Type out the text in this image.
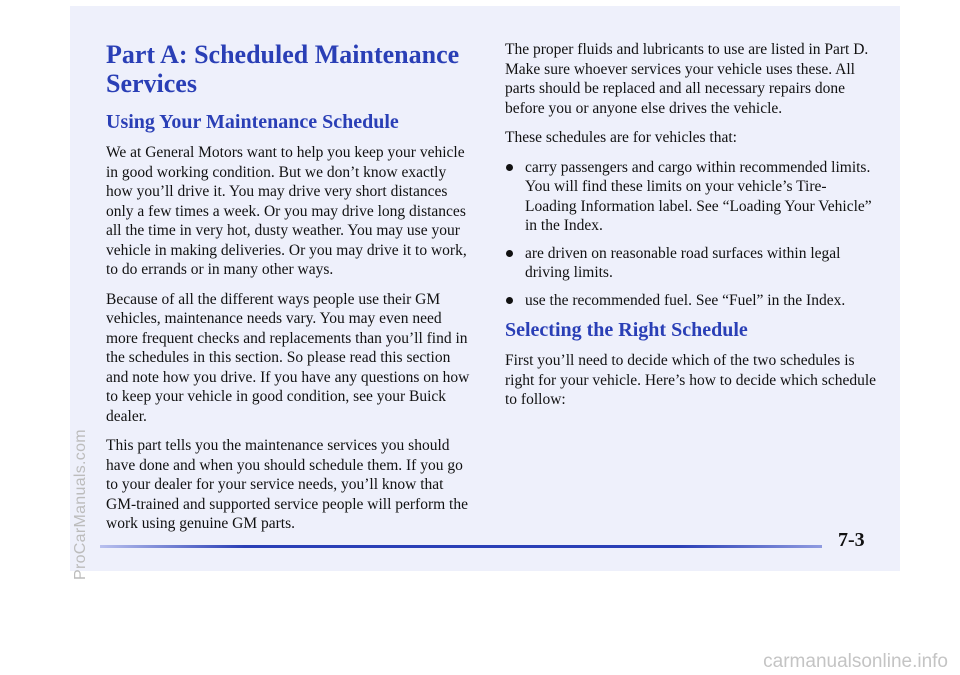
Part A: Scheduled Maintenance
Services
Using Your Maintenance Schedule

We at General Motors want to help you keep your vehicle in good working condition. But we don’t know exactly how you’ll drive it. You may drive very short distances only a few times a week. Or you may drive long distances all the time in very hot, dusty weather. You may use your vehicle in making deliveries. Or you may drive it to work, to do errands or in many other ways.

Because of all the different ways people use their GM vehicles, maintenance needs vary. You may even need more frequent checks and replacements than you’ll find in the schedules in this section. So please read this section and note how you drive. If you have any questions on how to keep your vehicle in good condition, see your Buick dealer.

This part tells you the maintenance services you should have done and when you should schedule them. If you go to your dealer for your service needs, you’ll know that GM-trained and supported service people will perform the work using genuine GM parts.

The proper fluids and lubricants to use are listed in Part D. Make sure whoever services your vehicle uses these. All parts should be replaced and all necessary repairs done before you or anyone else drives the vehicle.

These schedules are for vehicles that:

carry passengers and cargo within recommended limits. You will find these limits on your vehicle’s Tire-Loading Information label. See “Loading Your Vehicle” in the Index.
are driven on reasonable road surfaces within legal driving limits.
use the recommended fuel. See “Fuel” in the Index.
Selecting the Right Schedule

First you’ll need to decide which of the two schedules is right for your vehicle. Here’s how to decide which schedule to follow:

7-3
ProCarManuals.com
carmanualsonline.info
